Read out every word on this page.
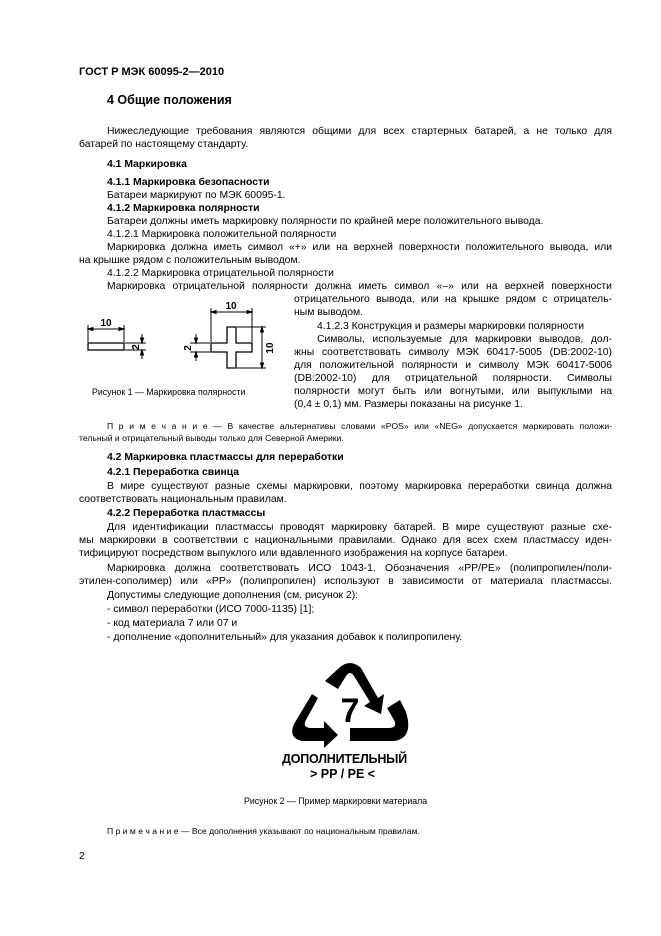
ГОСТ Р МЭК 60095-2—2010
4 Общие положения
Нижеследующие требования являются общими для всех стартерных батарей, а не только для
батарей по настоящему стандарту.
4.1 Маркировка
4.1.1 Маркировка безопасности
Батареи маркируют по МЭК 60095-1.
4.1.2 Маркировка полярности
Батареи должны иметь маркировку полярности по крайней мере положительного вывода.
4.1.2.1 Маркировка положительной полярности
Маркировка должна иметь символ «+» или на верхней поверхности положительного вывода, или
на крышке рядом с положительным выводом.
4.1.2.2 Маркировка отрицательной полярности
Маркировка отрицательной полярности должна иметь символ «–» или на верхней поверхности
отрицательного вывода, или на крышке рядом с отрицатель-
ным выводом.
4.1.2.3 Конструкция и размеры маркировки полярности
Символы, используемые для маркировки выводов, дол-
жны соответствовать символу МЭК 60417-5005 (DB:2002-10)
для положительной полярности и символу МЭК 60417-5006
(DB:2002-10) для отрицательной полярности. Символы
полярности могут быть или вогнутыми, или выпуклыми на
(0,4 ± 0,1) мм. Размеры показаны на рисунке 1.
10
2
10
10
2
Рисунок 1 — Маркировка полярности
П р и м е ч а н и е — В качестве альтернативы словами «POS» или «NEG» допускается маркировать положи-
тельный и отрицательный выводы только для Северной Америки.
4.2 Маркировка пластмассы для переработки
4.2.1 Переработка свинца
В мире существуют разные схемы маркировки, поэтому маркировка переработки свинца должна
соответствовать национальным правилам.
4.2.2 Переработка пластмассы
Для идентификации пластмассы проводят маркировку батарей. В мире существуют разные схе-
мы маркировки в соответствии с национальными правилами. Однако для всех схем пластмассу иден-
тифицируют посредством выпуклого или вдавленного изображения на корпусе батареи.
Маркировка должна соответствовать ИСО 1043-1. Обозначения «PP/PE» (полипропилен/поли-
этилен-сополимер) или «PP» (полипропилен) используют в зависимости от материала пластмассы.
Допустимы следующие дополнения (см. рисунок 2):
- символ переработки (ИСО 7000-1135) [1];
- код материала 7 или 07 и
- дополнение «дополнительный» для указания добавок к полипропилену.
7
ДОПОЛНИТЕЛЬНЫЙ
> PP / PE <
Рисунок 2 — Пример маркировки материала
П р и м е ч а н и е — Все дополнения указывают по национальным правилам.
2
